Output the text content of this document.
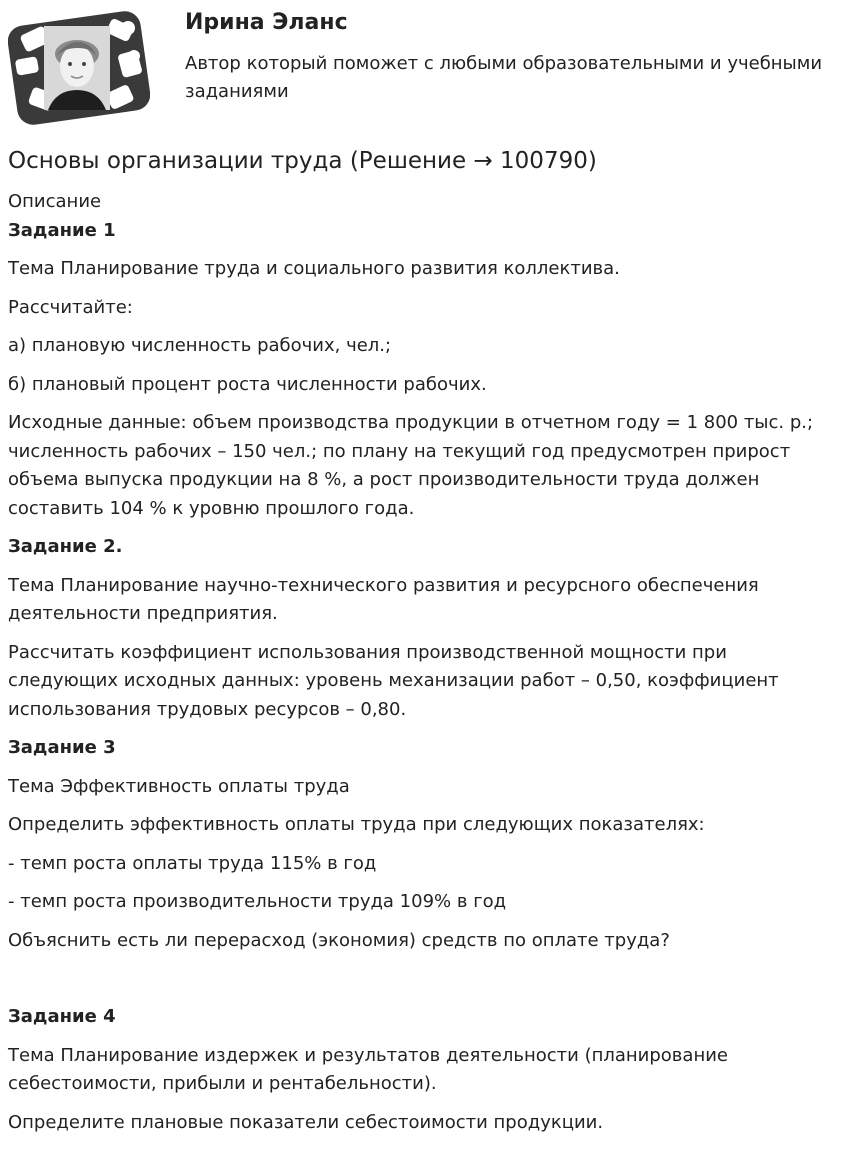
Ирина Эланс

Автор который поможет с любыми образовательными и учебными заданиями

Основы организации труда (Решение → 100790)

Описание

Задание 1

Тема Планирование труда и социального развития коллектива.

Рассчитайте:

а) плановую численность рабочих, чел.;

б) плановый процент роста численности рабочих.

Исходные данные: объем производства продукции в отчетном году = 1 800 тыс. р.; численность рабочих – 150 чел.; по плану на текущий год предусмотрен прирост объема выпуска продукции на 8 %, а рост производительности труда должен составить 104 % к уровню прошлого года.

Задание 2.

Тема Планирование научно-технического развития и ресурсного обеспечения деятельности предприятия.

Рассчитать коэффициент использования производственной мощности при следующих исходных данных: уровень механизации работ – 0,50, коэффициент использования трудовых ресурсов – 0,80.

Задание 3

Тема Эффективность оплаты труда

Определить эффективность оплаты труда при следующих показателях:

- темп роста оплаты труда 115% в год

- темп роста производительности труда 109% в год

Объяснить есть ли перерасход (экономия) средств по оплате труда?

Задание 4

Тема Планирование издержек и результатов деятельности (планирование себестоимости, прибыли и рентабельности).

Определите плановые показатели себестоимости продукции.
